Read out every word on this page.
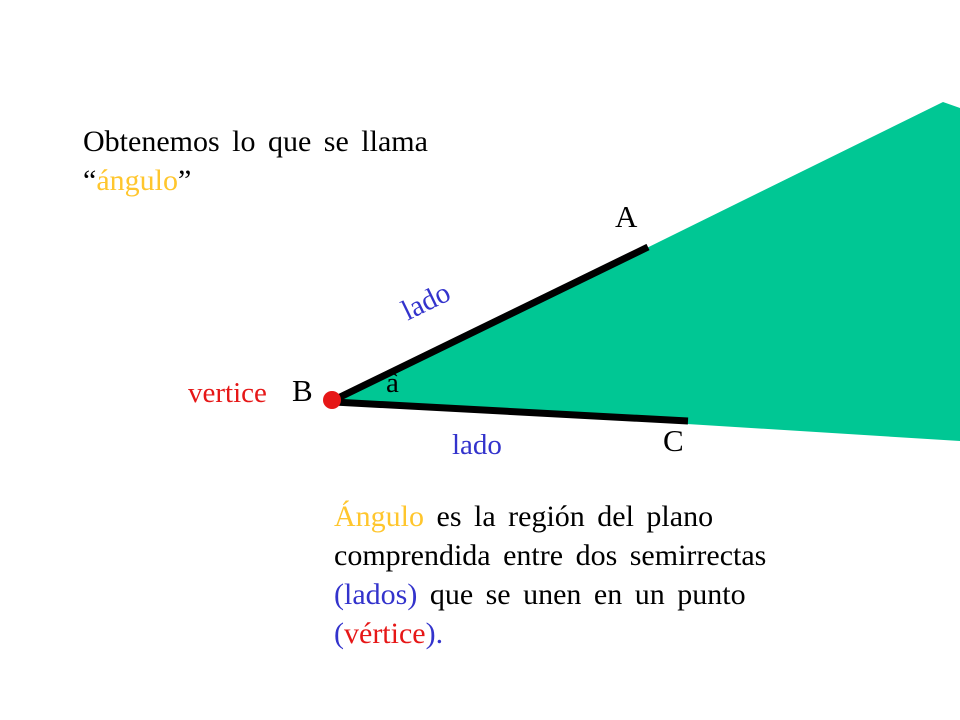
Obtenemos lo que se llama
“ángulo”
A
B
C
vertice	â
lado
lado
Ángulo es la región del plano
comprendida entre dos semirrectas
(lados) que se unen en un punto
(vértice).
